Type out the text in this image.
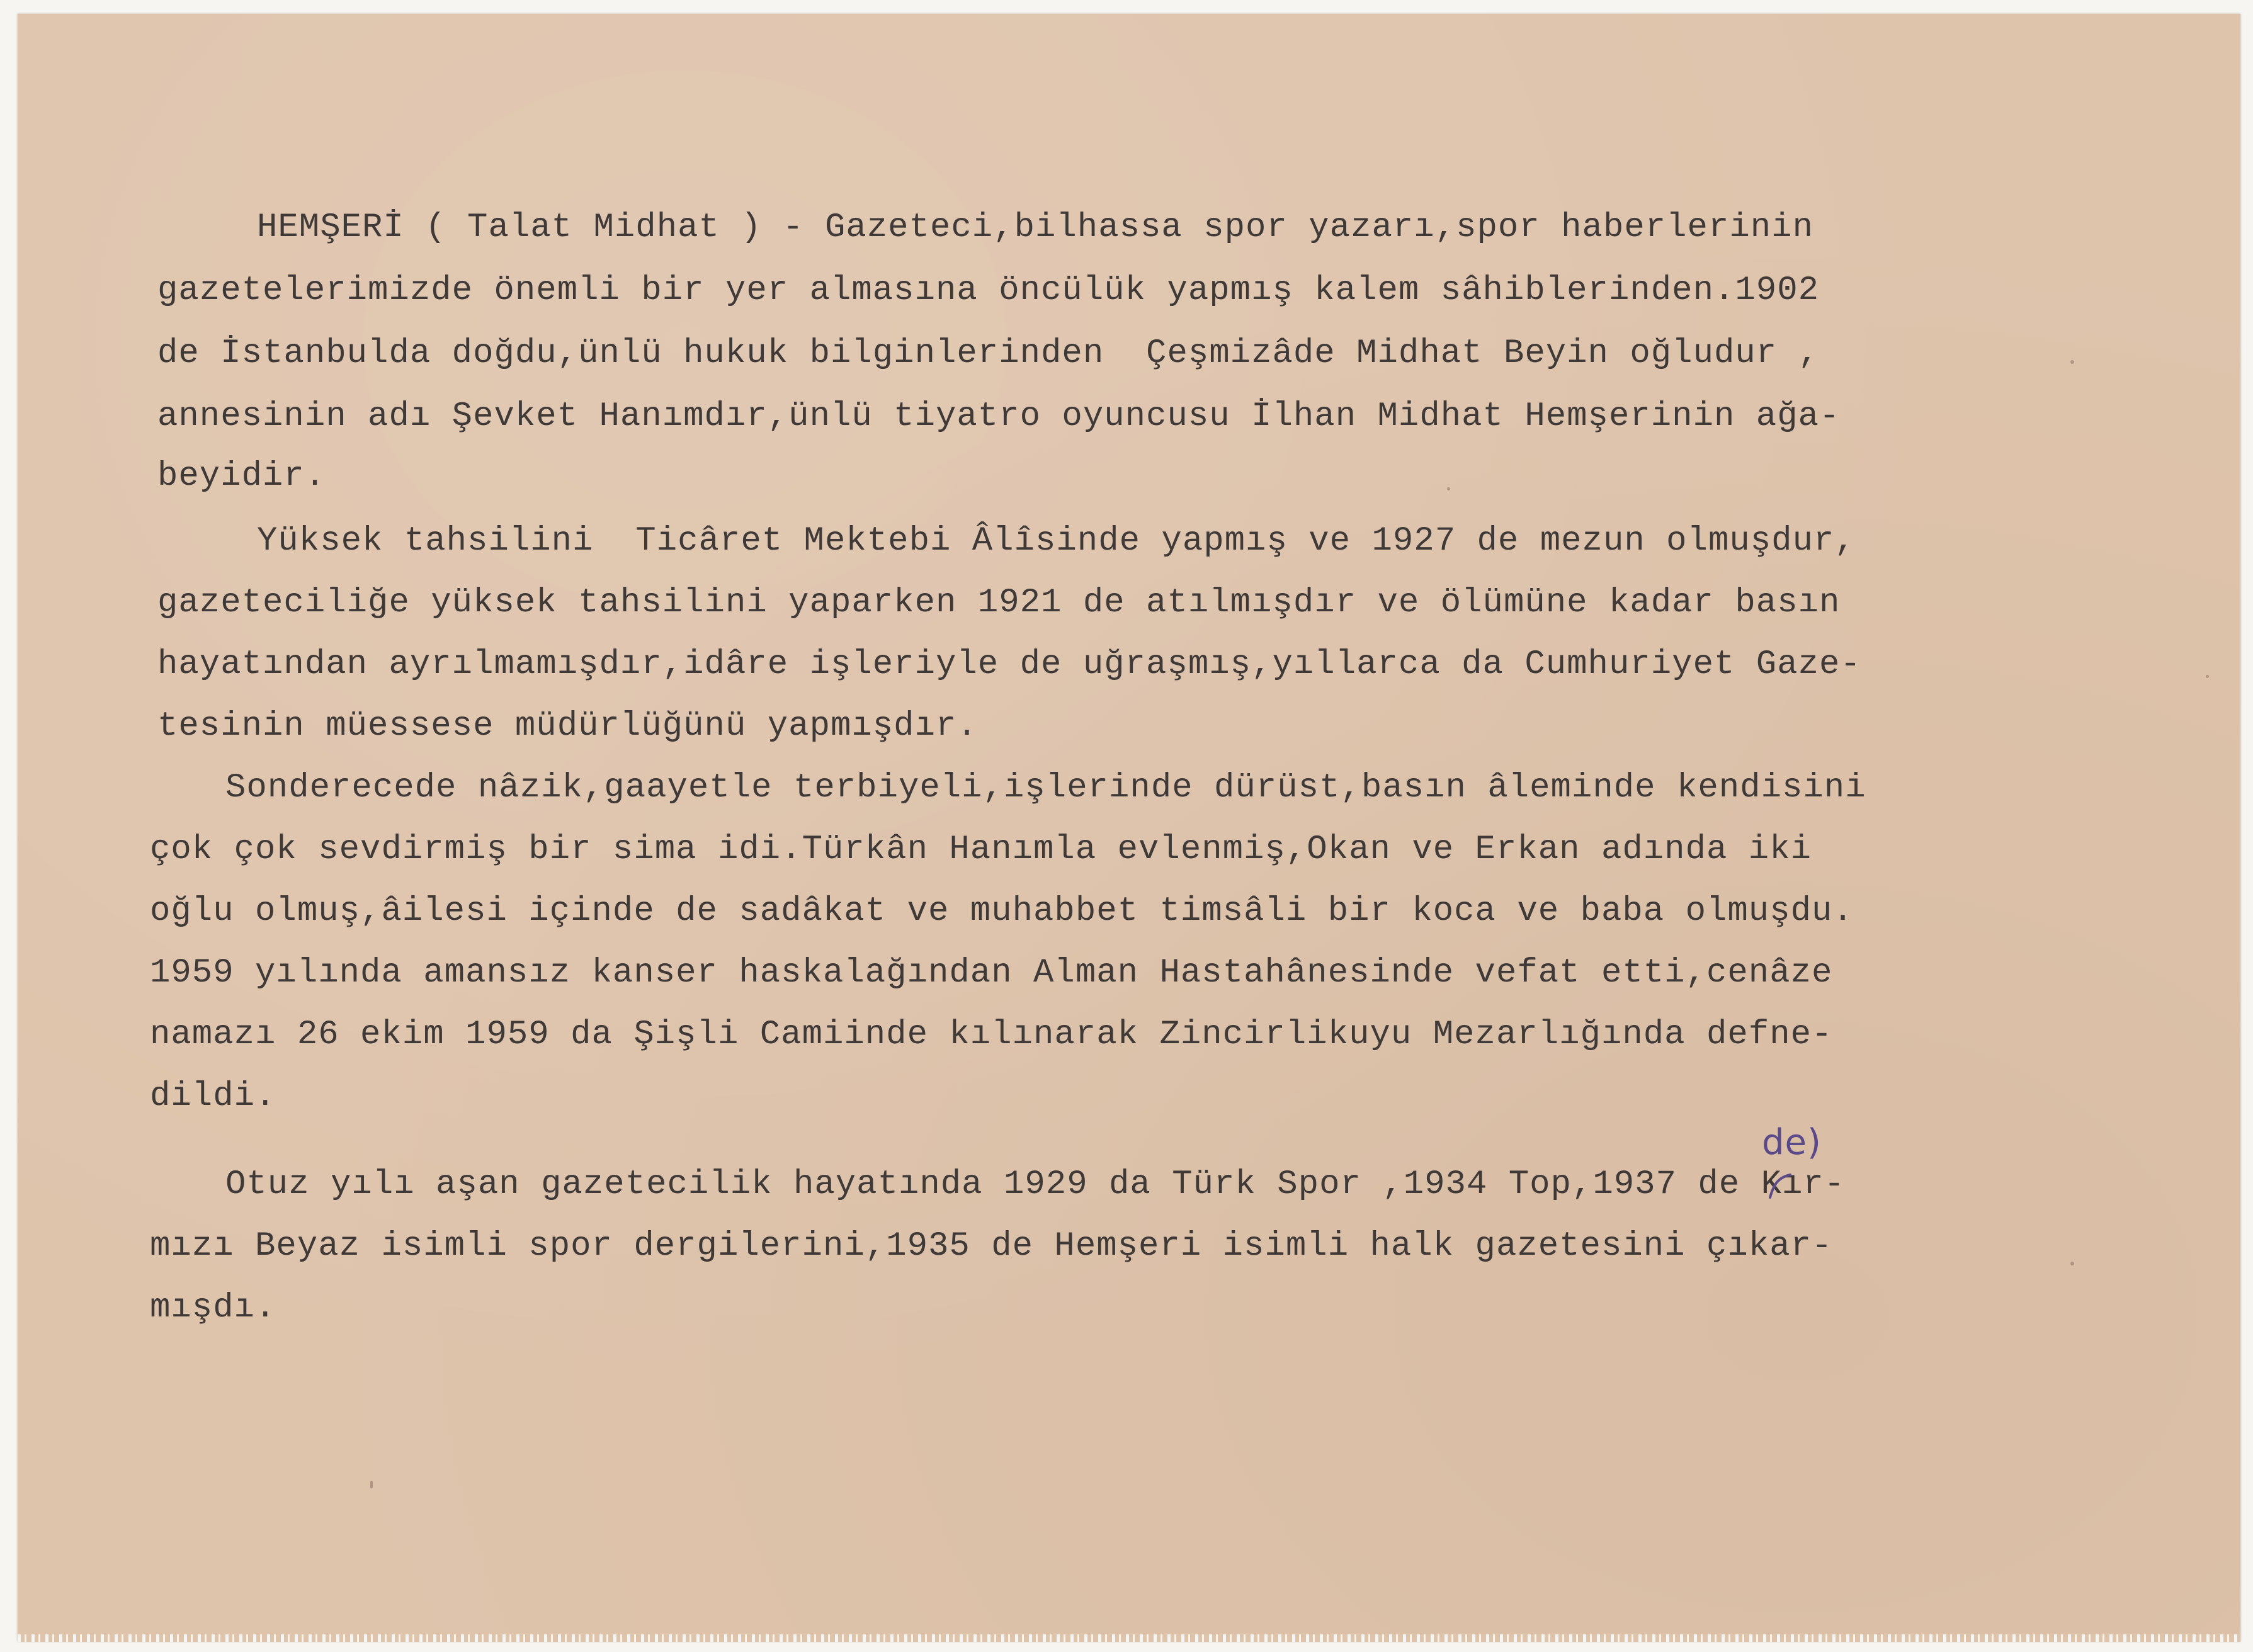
HEMŞERİ ( Talat Midhat ) - Gazeteci,bilhassa spor yazarı,spor haberlerinin
gazetelerimizde önemli bir yer almasına öncülük yapmış kalem sâhiblerinden.1902
de İstanbulda doğdu,ünlü hukuk bilginlerinden  Çeşmizâde Midhat Beyin oğludur ,
annesinin adı Şevket Hanımdır,ünlü tiyatro oyuncusu İlhan Midhat Hemşerinin ağa-
beyidir.
Yüksek tahsilini  Ticâret Mektebi Âlîsinde yapmış ve 1927 de mezun olmuşdur,
gazeteciliğe yüksek tahsilini yaparken 1921 de atılmışdır ve ölümüne kadar basın
hayatından ayrılmamışdır,idâre işleriyle de uğraşmış,yıllarca da Cumhuriyet Gaze-
tesinin müessese müdürlüğünü yapmışdır.
Sonderecede nâzik,gaayetle terbiyeli,işlerinde dürüst,basın âleminde kendisini
çok çok sevdirmiş bir sima idi.Türkân Hanımla evlenmiş,Okan ve Erkan adında iki
oğlu olmuş,âilesi içinde de sadâkat ve muhabbet timsâli bir koca ve baba olmuşdu.
1959 yılında amansız kanser haskalağından Alman Hastahânesinde vefat etti,cenâze
namazı 26 ekim 1959 da Şişli Camiinde kılınarak Zincirlikuyu Mezarlığında defne-
dildi.
Otuz yılı aşan gazetecilik hayatında 1929 da Türk Spor ,1934 Top,1937 de Kır-
mızı Beyaz isimli spor dergilerini,1935 de Hemşeri isimli halk gazetesini çıkar-
mışdı.
de)
